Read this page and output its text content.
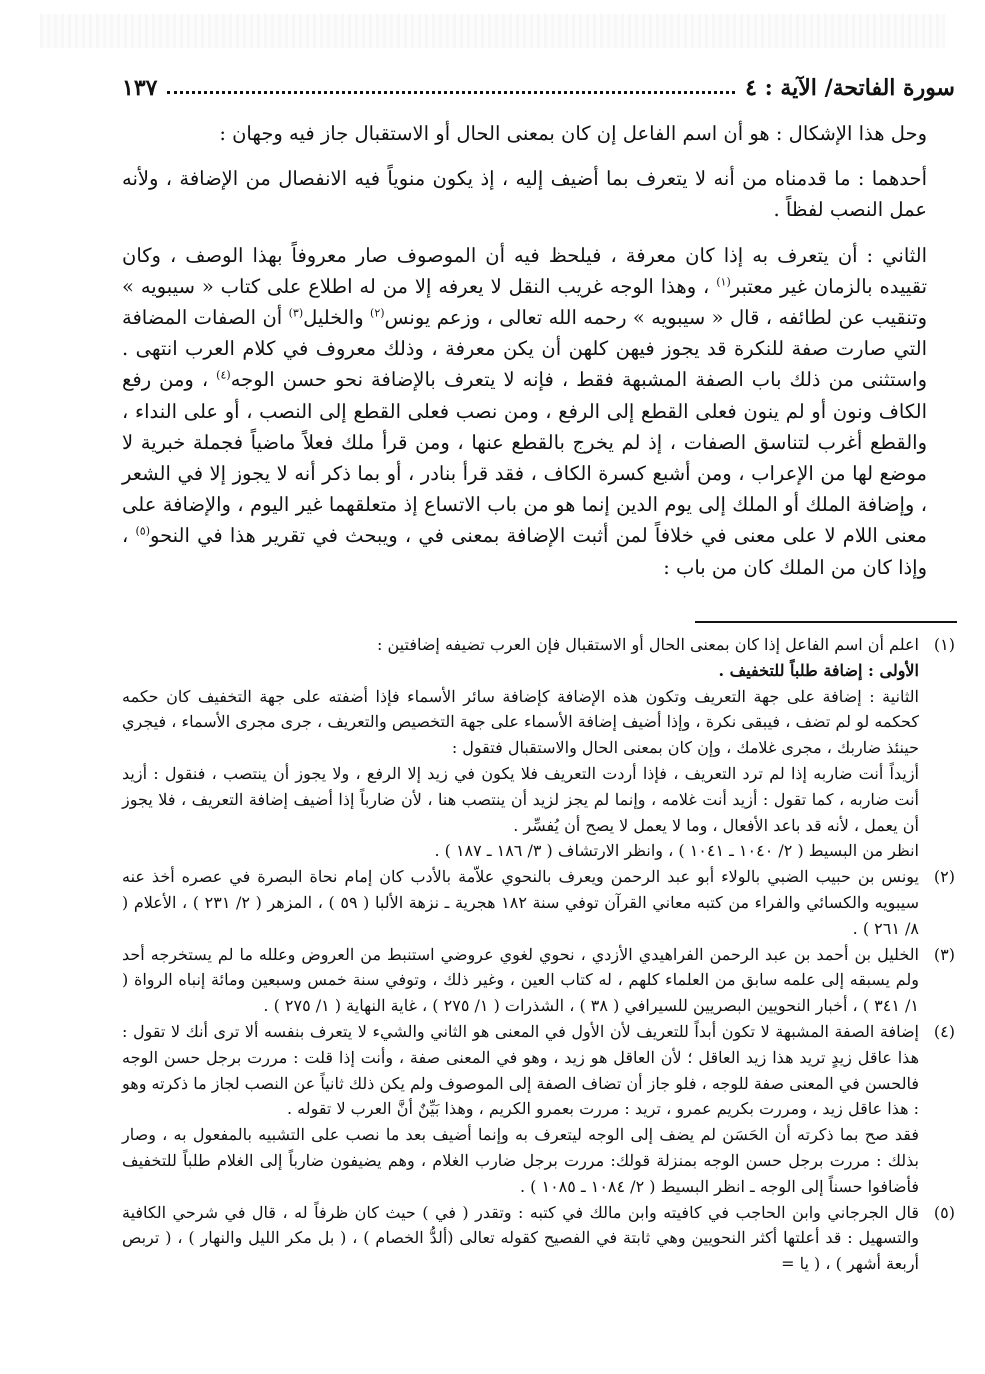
سورة الفاتحة/ الآية : ٤
١٣٧

وحل هذا الإشكال : هو أن اسم الفاعل إن كان بمعنى الحال أو الاستقبال جاز فيه وجهان :

أحدهما : ما قدمناه من أنه لا يتعرف بما أضيف إليه ، إذ يكون منوياً فيه الانفصال من الإضافة ، ولأنه عمل النصب لفظاً .

الثاني : أن يتعرف به إذا كان معرفة ، فيلحظ فيه أن الموصوف صار معروفاً بهذا الوصف ، وكان تقييده بالزمان غير معتبر$^{(١)}$ ، وهذا الوجه غريب النقل لا يعرفه إلا من له اطلاع على كتاب « سيبويه » وتنقيب عن لطائفه ، قال « سيبويه » رحمه الله تعالى ، وزعم يونس$^{(٢)}$ والخليل$^{(٣)}$ أن الصفات المضافة التي صارت صفة للنكرة قد يجوز فيهن كلهن أن يكن معرفة ، وذلك معروف في كلام العرب انتهى . واستثنى من ذلك باب الصفة المشبهة فقط ، فإنه لا يتعرف بالإضافة نحو حسن الوجه$^{(٤)}$ ، ومن رفع الكاف ونون أو لم ينون فعلى القطع إلى الرفع ، ومن نصب فعلى القطع إلى النصب ، أو على النداء ، والقطع أغرب لتناسق الصفات ، إذ لم يخرج بالقطع عنها ، ومن قرأ ملك فعلاً ماضياً فجملة خبرية لا موضع لها من الإعراب ، ومن أشبع كسرة الكاف ، فقد قرأ بنادر ، أو بما ذكر أنه لا يجوز إلا في الشعر ، وإضافة الملك أو الملك إلى يوم الدين إنما هو من باب الاتساع إذ متعلقهما غير اليوم ، والإضافة على معنى اللام لا على معنى في خلافاً لمن أثبت الإضافة بمعنى في ، ويبحث في تقرير هذا في النحو$^{(٥)}$ ، وإذا كان من الملك كان من باب :

(١)

اعلم أن اسم الفاعل إذا كان بمعنى الحال أو الاستقبال فإن العرب تضيفه إضافتين :

الأولى : إضافة طلباً للتخفيف .

الثانية : إضافة على جهة التعريف وتكون هذه الإضافة كإضافة سائر الأسماء فإذا أضفته على جهة التخفيف كان حكمه كحكمه لو لم تضف ، فيبقى نكرة ، وإذا أضيف إضافة الأسماء على جهة التخصيص والتعريف ، جرى مجرى الأسماء ، فيجري حينئذ ضاربك ، مجرى غلامك ، وإن كان بمعنى الحال والاستقبال فتقول :

أزيداً أنت ضاربه إذا لم ترد التعريف ، فإذا أردت التعريف فلا يكون في زيد إلا الرفع ، ولا يجوز أن ينتصب ، فنقول : أزيد أنت ضاربه ، كما تقول : أزيد أنت غلامه ، وإنما لم يجز لزيد أن ينتصب هنا ، لأن ضارباً إذا أضيف إضافة التعريف ، فلا يجوز أن يعمل ، لأنه قد باعد الأفعال ، وما لا يعمل لا يصح أن يُفسِّر .

انظر من البسيط ( ٢/ ١٠٤٠ ـ ١٠٤١ ) ، وانظر الارتشاف ( ٣/ ١٨٦ ـ ١٨٧ ) .

(٢)

يونس بن حبيب الضبي بالولاء أبو عبد الرحمن ويعرف بالنحوي علاّمة بالأدب كان إمام نحاة البصرة في عصره أخذ عنه سيبويه والكسائي والفراء من كتبه معاني القرآن توفي سنة ١٨٢ هجرية ـ نزهة الألبا ( ٥٩ ) ، المزهر ( ٢/ ٢٣١ ) ، الأعلام ( ٨/ ٢٦١ ) .

(٣)

الخليل بن أحمد بن عبد الرحمن الفراهيدي الأزدي ، نحوي لغوي عروضي استنبط من العروض وعلله ما لم يستخرجه أحد ولم يسبقه إلى علمه سابق من العلماء كلهم ، له كتاب العين ، وغير ذلك ، وتوفي سنة خمس وسبعين ومائة إنباه الرواة ( ١/ ٣٤١ ) ، أخبار النحويين البصريين للسيرافي ( ٣٨ ) ، الشذرات ( ١/ ٢٧٥ ) ، غاية النهاية ( ١/ ٢٧٥ ) .

(٤)

إضافة الصفة المشبهة لا تكون أبداً للتعريف لأن الأول في المعنى هو الثاني والشيء لا يتعرف بنفسه ألا ترى أنك لا تقول : هذا عاقل زيدٍ تريد هذا زيد العاقل ؛ لأن العاقل هو زيد ، وهو في المعنى صفة ، وأنت إذا قلت : مررت برجل حسن الوجه فالحسن في المعنى صفة للوجه ، فلو جاز أن تضاف الصفة إلى الموصوف ولم يكن ذلك ثانياً عن النصب لجاز ما ذكرته وهو : هذا عاقل زيد ، ومررت بكريم عمرو ، تريد : مررت بعمرو الكريم ، وهذا بَيِّنٌ أنَّ العرب لا تقوله .

فقد صح بما ذكرته أن الحَسَن لم يضف إلى الوجه ليتعرف به وإنما أضيف بعد ما نصب على التشبيه بالمفعول به ، وصار بذلك : مررت برجل حسن الوجه بمنزلة قولك: مررت برجل ضارب الغلام ، وهم يضيفون ضارباً إلى الغلام طلباً للتخفيف فأضافوا حسناً إلى الوجه ـ انظر البسيط ( ٢/ ١٠٨٤ ـ ١٠٨٥ ) .

(٥)

قال الجرجاني وابن الحاجب في كافيته وابن مالك في كتبه : وتقدر ( في ) حيث كان ظرفاً له ، قال في شرحي الكافية والتسهيل : قد أعلتها أكثر النحويين وهي ثابتة في الفصيح كقوله تعالى (ألدُّ الخصام ) ، ( بل مكر الليل والنهار ) ، ( تربص أربعة أشهر ) ، ( يا =
